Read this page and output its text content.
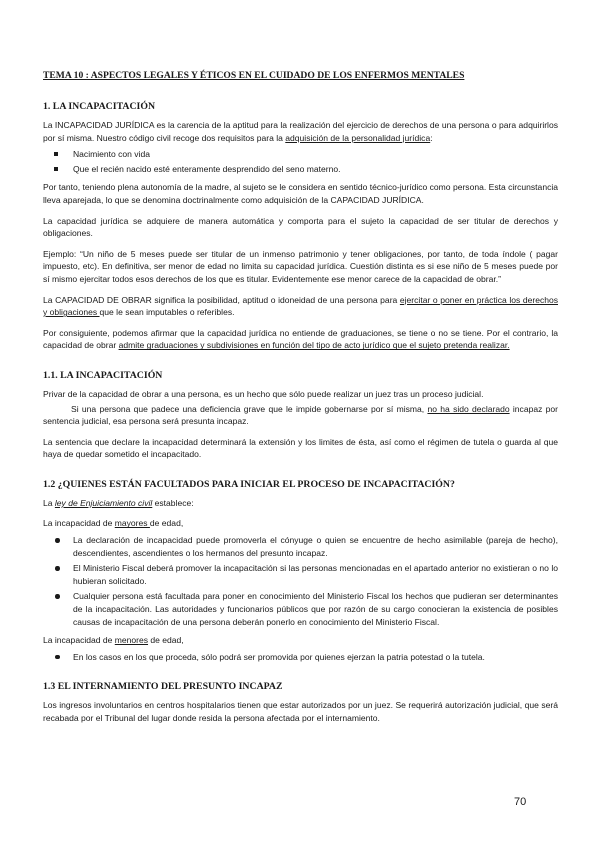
TEMA 10 : ASPECTOS LEGALES Y ÉTICOS EN EL CUIDADO DE LOS ENFERMOS MENTALES
1. LA INCAPACITACIÓN

La INCAPACIDAD JURÍDICA es la carencia de la aptitud para la realización del ejercicio de derechos de una persona o para adquirirlos por sí misma. Nuestro código civil recoge dos requisitos para la adquisición de la personalidad jurídica:

Nacimiento con vida
Que el recién nacido esté enteramente desprendido del seno materno.

Por tanto, teniendo plena autonomía de la madre, al sujeto se le considera en sentido técnico-jurídico como persona. Esta circunstancia lleva aparejada, lo que se denomina doctrinalmente como adquisición de la CAPACIDAD JURÍDICA.

La capacidad jurídica se adquiere de manera automática y comporta para el sujeto la capacidad de ser titular de derechos y obligaciones.

Ejemplo: “Un niño de 5 meses puede ser titular de un inmenso patrimonio y tener obligaciones, por tanto, de toda índole ( pagar impuesto, etc). En definitiva, ser menor de edad no limita su capacidad jurídica. Cuestión distinta es si ese niño de 5 meses puede por sí mismo ejercitar todos esos derechos de los que es titular. Evidentemente ese menor carece de la capacidad de obrar.”

La CAPACIDAD DE OBRAR significa la posibilidad, aptitud o idoneidad de una persona para ejercitar o poner en práctica los derechos y obligaciones que le sean imputables o referibles.

Por consiguiente, podemos afirmar que la capacidad jurídica no entiende de graduaciones, se tiene o no se tiene. Por el contrario, la capacidad de obrar admite graduaciones y subdivisiones en función del tipo de acto jurídico que el sujeto pretenda realizar.

1.1. LA INCAPACITACIÓN

Privar de la capacidad de obrar a una persona, es un hecho que sólo puede realizar un juez tras un proceso judicial.

Si una persona que padece una deficiencia grave que le impide gobernarse por sí misma, no ha sido declarado incapaz por sentencia judicial, esa persona será presunta incapaz.

La sentencia que declare la incapacidad determinará la extensión y los limites de ésta, así como el régimen de tutela o guarda al que haya de quedar sometido el incapacitado.

1.2 ¿QUIENES ESTÁN FACULTADOS PARA INICIAR EL PROCESO DE INCAPACITACIÓN?

La ley de Enjuiciamiento civil establece:

La incapacidad de mayores de edad,

La declaración de incapacidad puede promoverla el cónyuge o quien se encuentre de hecho asimilable (pareja de hecho), descendientes, ascendientes o los hermanos del presunto incapaz.
El Ministerio Fiscal deberá promover la incapacitación si las personas mencionadas en el apartado anterior no existieran o no lo hubieran solicitado.
Cualquier persona está facultada para poner en conocimiento del Ministerio Fiscal los hechos que pudieran ser determinantes de la incapacitación. Las autoridades y funcionarios públicos que por razón de su cargo conocieran la existencia de posibles causas de incapacitación de una persona deberán ponerlo en conocimiento del Ministerio Fiscal.

La incapacidad de menores de edad,

En los casos en los que proceda, sólo podrá ser promovida por quienes ejerzan la patria potestad o la tutela.
1.3 EL INTERNAMIENTO DEL PRESUNTO INCAPAZ

Los ingresos involuntarios en centros hospitalarios tienen que estar autorizados por un juez. Se requerirá autorización judicial, que será recabada por el Tribunal del lugar donde resida la persona afectada por el internamiento.

70
